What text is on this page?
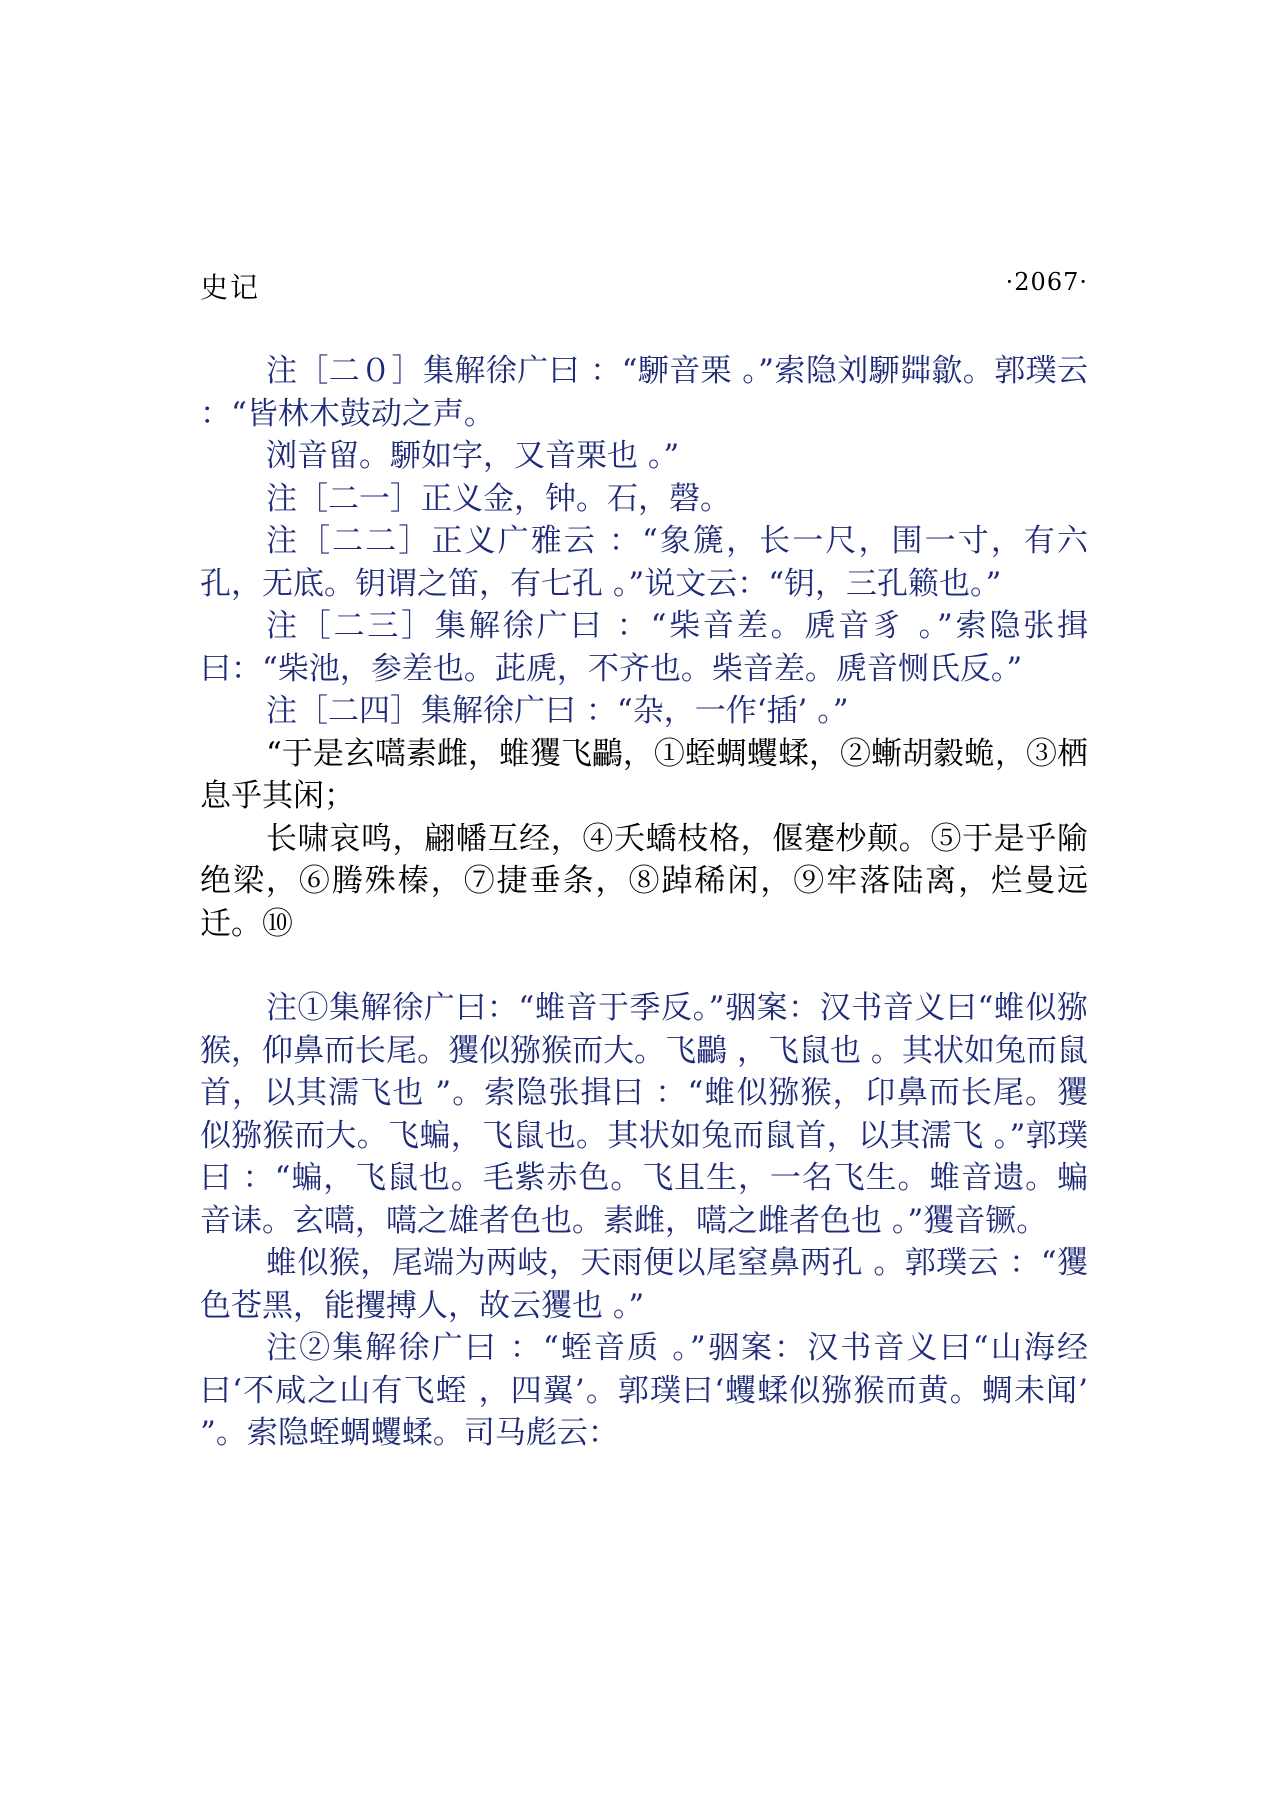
史记	·2067·

注［二０］集解徐广曰 ：“駵音栗 。”索隐刘駵茻歙。郭璞云 ：“皆林木鼓动之声。

浏音留。駵如字，又音栗也 。”

注［二一］正义金，钟。石，磬。

注［二二］正义广雅云 ：“象篪，长一尺，围一寸，有六孔，无底。钥谓之笛，有七孔 。”说文云：“钥，三孔籁也。”

注［二三］集解徐广曰 ：“柴音差。虒音豸 。”索隐张揖曰：“柴池，参差也。茈虒，不齐也。柴音差。虒音恻氏反。”

注［二四］集解徐广曰 ：“杂，一作‘插’ 。”

“于是玄嚆素雌，蜼玃飞鸓，①蛭蜩蠼蝚，②螹胡豰蛫，③栖息乎其闲；

长啸哀鸣，翩幡互经，④夭蟜枝格，偃蹇杪颠。⑤于是乎隃绝梁，⑥腾殊榛，⑦捷垂条，⑧踔稀闲，⑨牢落陆离，烂曼远迁。⑩

注①集解徐广曰：“蜼音于季反。”骃案：汉书音义曰“蜼似猕猴，仰鼻而长尾。玃似猕猴而大。飞鸓 ，飞鼠也 。其状如兔而鼠首，以其濡飞也 ”。索隐张揖曰 ：“蜼似猕猴，卬鼻而长尾。玃似猕猴而大。飞蝙，飞鼠也。其状如兔而鼠首，以其濡飞 。”郭璞曰 ：“蝙，飞鼠也。毛紫赤色。飞且生，一名飞生。蜼音遗。蝙音诔。玄嚆，嚆之雄者色也。素雌，嚆之雌者色也 。”玃音镢。

蜼似猴，尾端为两岐，天雨便以尾窒鼻两孔 。郭璞云 ：“玃色苍黑，能攫搏人，故云玃也 。”

注②集解徐广曰 ：“蛭音质 。”骃案：汉书音义曰“山海经曰‘不咸之山有飞蛭 ，四翼’。郭璞曰‘蠼蝚似猕猴而黄。蜩未闻’ ”。索隐蛭蜩蠼蝚。司马彪云：
